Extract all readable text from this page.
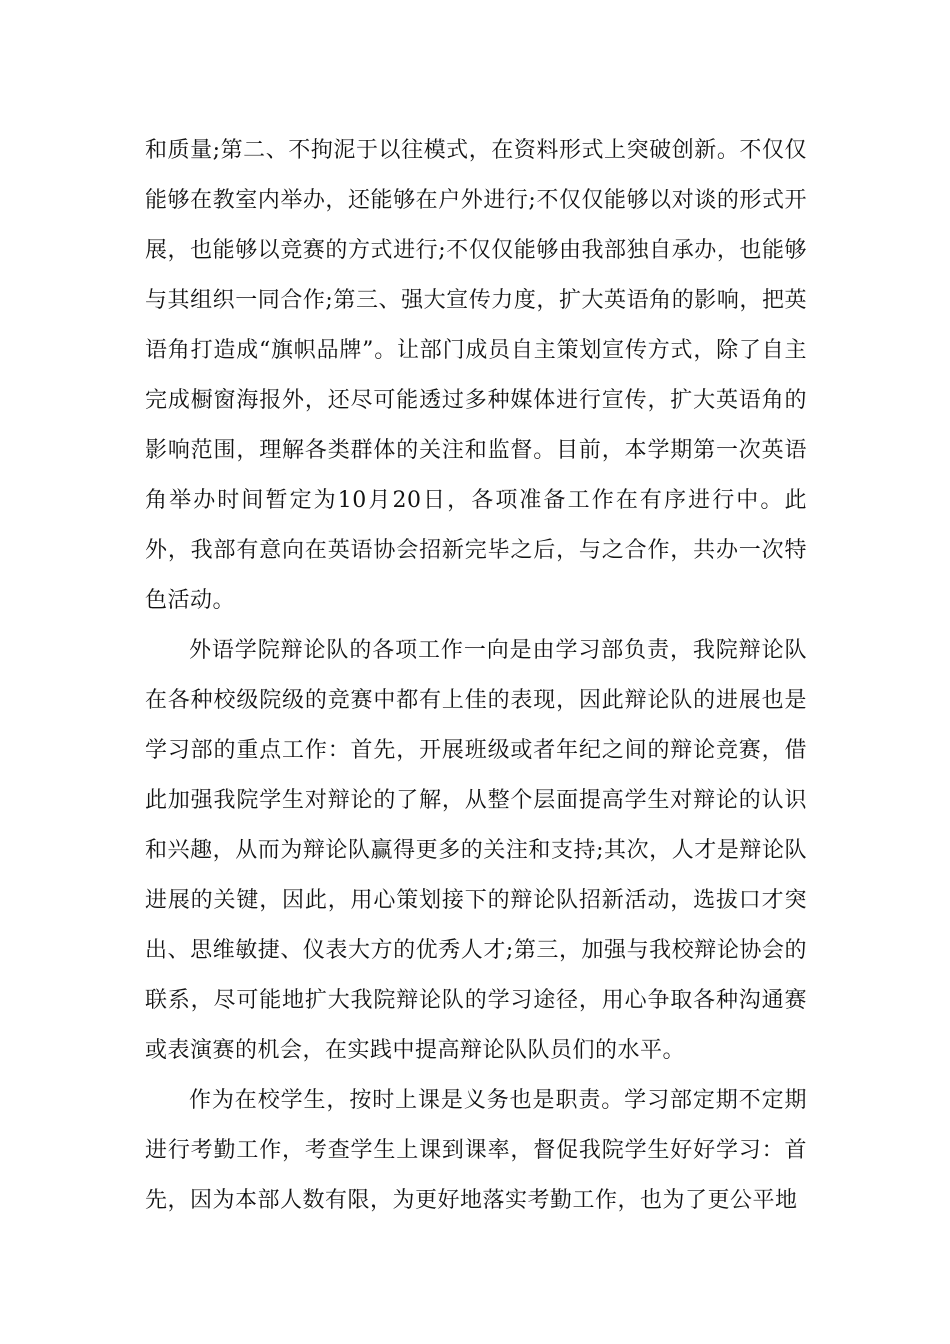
和质量;第二、不拘泥于以往模式，在资料形式上突破创新。不仅仅能够在教室内举办，还能够在户外进行;不仅仅能够以对谈的形式开展，也能够以竞赛的方式进行;不仅仅能够由我部独自承办，也能够与其组织一同合作;第三、强大宣传力度，扩大英语角的影响，把英语角打造成“旗帜品牌”。让部门成员自主策划宣传方式，除了自主完成橱窗海报外，还尽可能透过多种媒体进行宣传，扩大英语角的影响范围，理解各类群体的关注和监督。目前，本学期第一次英语角举办时间暂定为10月20日，各项准备工作在有序进行中。此外，我部有意向在英语协会招新完毕之后，与之合作，共办一次特色活动。

外语学院辩论队的各项工作一向是由学习部负责，我院辩论队在各种校级院级的竞赛中都有上佳的表现，因此辩论队的进展也是学习部的重点工作：首先，开展班级或者年纪之间的辩论竞赛，借此加强我院学生对辩论的了解，从整个层面提高学生对辩论的认识和兴趣，从而为辩论队赢得更多的关注和支持;其次，人才是辩论队进展的关键，因此，用心策划接下的辩论队招新活动，选拔口才突出、思维敏捷、仪表大方的优秀人才;第三，加强与我校辩论协会的联系，尽可能地扩大我院辩论队的学习途径，用心争取各种沟通赛或表演赛的机会，在实践中提高辩论队队员们的水平。

作为在校学生，按时上课是义务也是职责。学习部定期不定期进行考勤工作，考查学生上课到课率，督促我院学生好好学习：首先，因为本部人数有限，为更好地落实考勤工作，也为了更公平地
